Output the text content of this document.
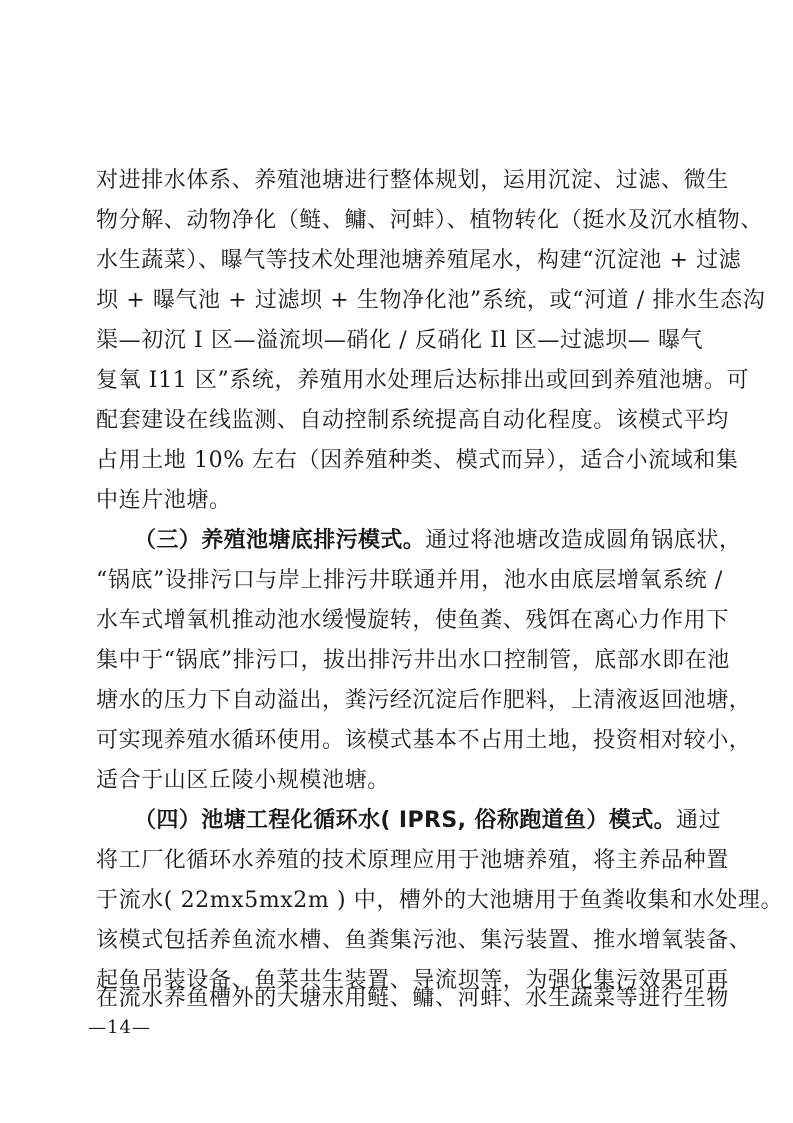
对进排水体系、养殖池塘进行整体规划，运用沉淀、过滤、微生
物分解、动物净化（鲢、鳙、河蚌）、植物转化（挺水及沉水植物、
水生蔬菜）、曝气等技术处理池塘养殖尾水，构建“沉淀池 + 过滤
坝 + 曝气池 + 过滤坝 + 生物净化池”系统，或“河道 / 排水生态沟
渠—初沉 I 区—溢流坝—硝化 / 反硝化 Il 区—过滤坝— 曝气
复氧 I11 区”系统，养殖用水处理后达标排出或回到养殖池塘。可
配套建设在线监测、自动控制系统提高自动化程度。该模式平均
占用土地 10% 左右（因养殖种类、模式而异），适合小流域和集
中连片池塘。
（三）养殖池塘底排污模式。通过将池塘改造成圆角锅底状，
“锅底”设排污口与岸上排污井联通并用，池水由底层增氧系统 /
水车式增氧机推动池水缓慢旋转，使鱼粪、残饵在离心力作用下
集中于“锅底”排污口，拔出排污井出水口控制管，底部水即在池
塘水的压力下自动溢出，粪污经沉淀后作肥料，上清液返回池塘，
可实现养殖水循环使用。该模式基本不占用土地，投资相对较小，
适合于山区丘陵小规模池塘。
（四）池塘工程化循环水( IPRS, 俗称跑道鱼）模式。通过
将工厂化循环水养殖的技术原理应用于池塘养殖，将主养品种置
于流水( 22mx5mx2m ) 中，槽外的大池塘用于鱼粪收集和水处理。
该模式包括养鱼流水槽、鱼粪集污池、集污装置、推水增氧装备、
起鱼吊装设备、鱼菜共生装置、导流坝等，为强化集污效果可再
在流水养鱼槽外的大塘水用鲢、鳙、河蚌、水生蔬菜等进行生物
—14—
